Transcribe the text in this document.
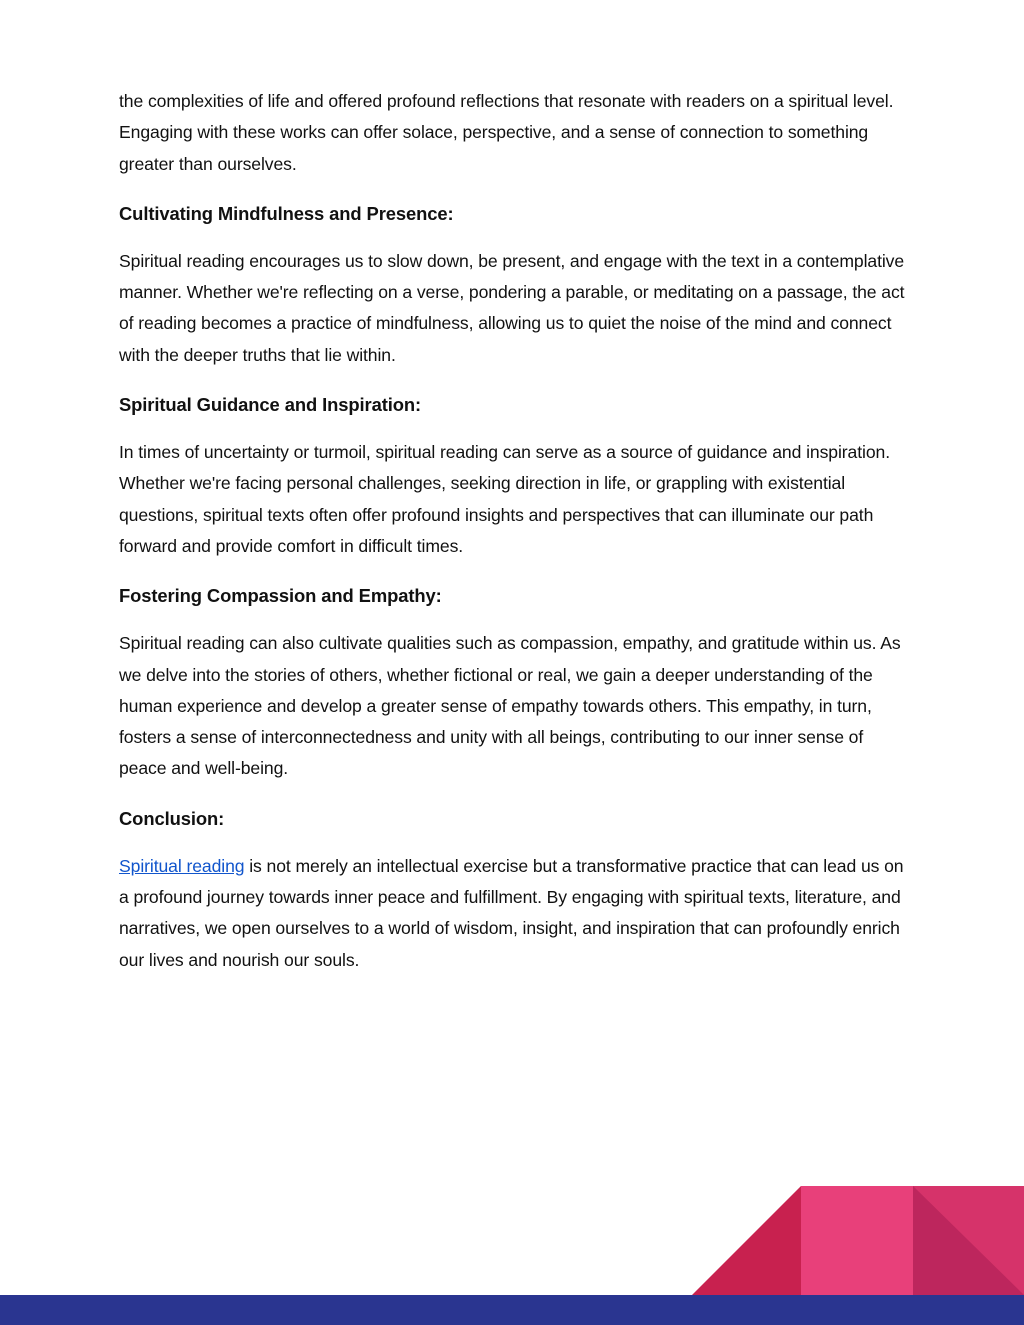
the complexities of life and offered profound reflections that resonate with readers on a spiritual level. Engaging with these works can offer solace, perspective, and a sense of connection to something greater than ourselves.

Cultivating Mindfulness and Presence:

Spiritual reading encourages us to slow down, be present, and engage with the text in a contemplative manner. Whether we're reflecting on a verse, pondering a parable, or meditating on a passage, the act of reading becomes a practice of mindfulness, allowing us to quiet the noise of the mind and connect with the deeper truths that lie within.

Spiritual Guidance and Inspiration:

In times of uncertainty or turmoil, spiritual reading can serve as a source of guidance and inspiration. Whether we're facing personal challenges, seeking direction in life, or grappling with existential questions, spiritual texts often offer profound insights and perspectives that can illuminate our path forward and provide comfort in difficult times.

Fostering Compassion and Empathy:

Spiritual reading can also cultivate qualities such as compassion, empathy, and gratitude within us. As we delve into the stories of others, whether fictional or real, we gain a deeper understanding of the human experience and develop a greater sense of empathy towards others. This empathy, in turn, fosters a sense of interconnectedness and unity with all beings, contributing to our inner sense of peace and well-being.

Conclusion:

Spiritual reading is not merely an intellectual exercise but a transformative practice that can lead us on a profound journey towards inner peace and fulfillment. By engaging with spiritual texts, literature, and narratives, we open ourselves to a world of wisdom, insight, and inspiration that can profoundly enrich our lives and nourish our souls.
